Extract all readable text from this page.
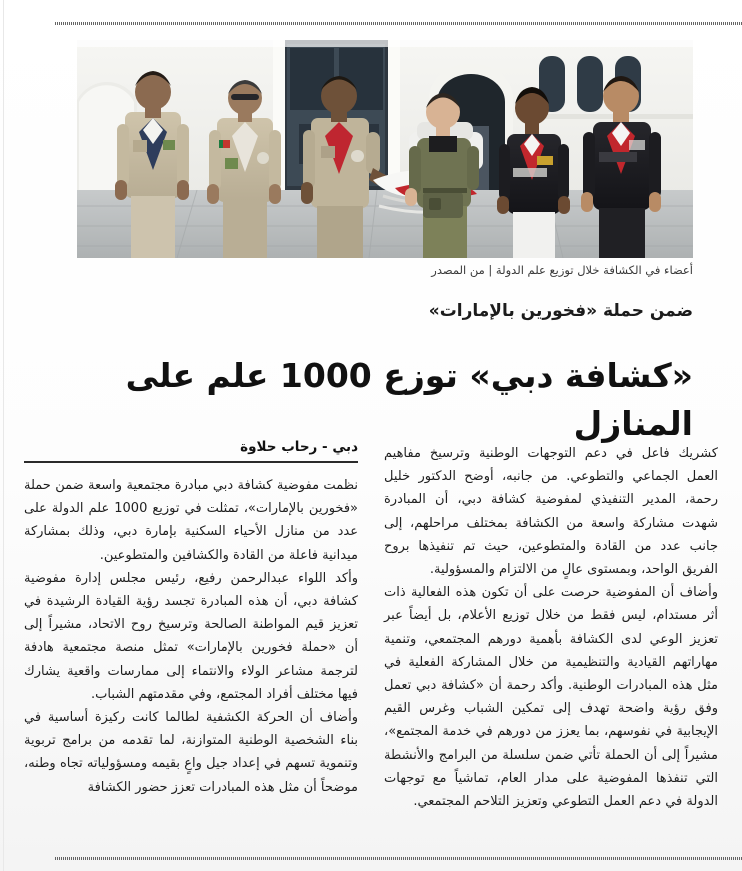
أعضاء في الكشافة خلال توزيع علم الدولة | من المصدر
ضمن حملة «فخورين بالإمارات»
«كشافة دبي» توزع 1000 علم على المنازل

كشريك فاعل في دعم التوجهات الوطنية وترسيخ مفاهيم العمل الجماعي والتطوعي. من جانبه، أوضح الدكتور خليل رحمة، المدير التنفيذي لمفوضية كشافة دبي، أن المبادرة شهدت مشاركة واسعة من الكشافة بمختلف مراحلهم، إلى جانب عدد من القادة والمتطوعين، حيث تم تنفيذها بروح الفريق الواحد، وبمستوى عالٍ من الالتزام والمسؤولية.

وأضاف أن المفوضية حرصت على أن تكون هذه الفعالية ذات أثر مستدام، ليس فقط من خلال توزيع الأعلام، بل أيضاً عبر تعزيز الوعي لدى الكشافة بأهمية دورهم المجتمعي، وتنمية مهاراتهم القيادية والتنظيمية من خلال المشاركة الفعلية في مثل هذه المبادرات الوطنية. وأكد رحمة أن «كشافة دبي تعمل وفق رؤية واضحة تهدف إلى تمكين الشباب وغرس القيم الإيجابية في نفوسهم، بما يعزز من دورهم في خدمة المجتمع»، مشيراً إلى أن الحملة تأتي ضمن سلسلة من البرامج والأنشطة التي تنفذها المفوضية على مدار العام، تماشياً مع توجهات الدولة في دعم العمل التطوعي وتعزيز التلاحم المجتمعي.

دبي - رحاب حلاوة

نظمت مفوضية كشافة دبي مبادرة مجتمعية واسعة ضمن حملة «فخورين بالإمارات»، تمثلت في توزيع 1000 علم الدولة على عدد من منازل الأحياء السكنية بإمارة دبي، وذلك بمشاركة ميدانية فاعلة من القادة والكشافين والمتطوعين.

وأكد اللواء عبدالرحمن رفيع، رئيس مجلس إدارة مفوضية كشافة دبي، أن هذه المبادرة تجسد رؤية القيادة الرشيدة في تعزيز قيم المواطنة الصالحة وترسيخ روح الاتحاد، مشيراً إلى أن «حملة فخورين بالإمارات» تمثل منصة مجتمعية هادفة لترجمة مشاعر الولاء والانتماء إلى ممارسات واقعية يشارك فيها مختلف أفراد المجتمع، وفي مقدمتهم الشباب.

وأضاف أن الحركة الكشفية لطالما كانت ركيزة أساسية في بناء الشخصية الوطنية المتوازنة، لما تقدمه من برامج تربوية وتنموية تسهم في إعداد جيل واعٍ بقيمه ومسؤولياته تجاه وطنه، موضحاً أن مثل هذه المبادرات تعزز حضور الكشافة
